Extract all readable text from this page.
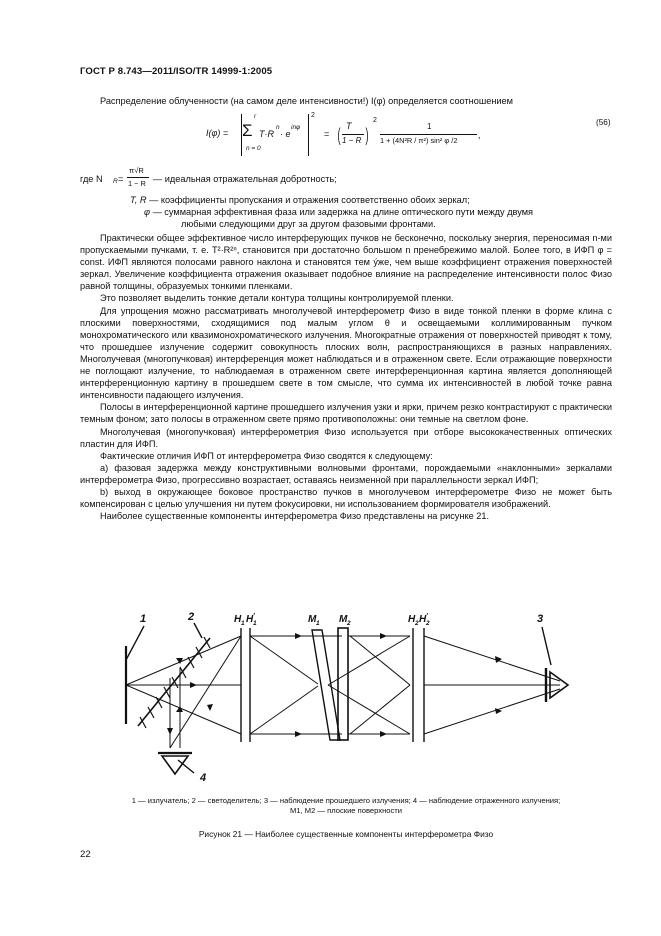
ГОСТ Р 8.743—2011/ISO/TR 14999-1:2005

Распределение облученности (на самом деле интенсивности!) I(φ) определяется соотношением

I(φ) =
r
Σ
n = 0
T·R
n
· e
inφ
2
= ( T
1 − R )
2
1
1 + (4N²R / π²) sin² φ /2
,
(56)
где N R =
π√R
1 − R — идеальная отражательная добротность;

T, R — коэффициенты пропускания и отражения соответственно обоих зеркал;

φ — суммарная эффективная фаза или задержка на длине оптического пути между двумя

любыми следующими друг за другом фазовыми фронтами.

Практически общее эффективное число интерферующих пучков не бесконечно, поскольку энергия, переносимая n-ми пропускаемыми пучками, т. е. T²·R²ⁿ, становится при достаточно большом n пренебрежимо малой. Более того, в ИФП φ = const. ИФП являются полосами равного наклона и становятся тем у́же, чем выше коэффициент отражения поверхностей зеркал. Увеличение коэффициента отражения оказывает подобное влияние на распределение интенсивности полос Физо равной толщины, образуемых тонкими пленками.

Это позволяет выделить тонкие детали контура толщины контролируемой пленки.

Для упрощения можно рассматривать многолучевой интерферометр Физо в виде тонкой пленки в форме клина с плоскими поверхностями, сходящимися под малым углом θ и освещаемыми коллимированным пучком монохроматического или квазимонохроматического излучения. Многократные отражения от поверхностей приводят к тому, что прошедшее излучение содержит совокупность плоских волн, распространяющихся в разных направлениях. Многолучевая (многопучковая) интерференция может наблюдаться и в отраженном свете. Если отражающие поверхности не поглощают излучение, то наблюдаемая в отраженном свете интерференционная картина является дополняющей интерференционную картину в прошедшем свете в том смысле, что сумма их интенсивностей в любой точке равна интенсивности падающего излучения.

Полосы в интерференционной картине прошедшего излучения узки и ярки, причем резко контрастируют с практически темным фоном; зато полосы в отраженном свете прямо противоположны: они темные на светлом фоне.

Многолучевая (многопучковая) интерферометрия Физо используется при отборе высококачественных оптических пластин для ИФП.

Фактические отличия ИФП от интерферометра Физо сводятся к следующему:

a) фазовая задержка между конструктивными волновыми фронтами, порождаемыми «наклонными» зеркалами интерферометра Физо, прогрессивно возрастает, оставаясь неизменной при параллельности зеркал ИФП;

b) выход в окружающее боковое пространство пучков в многолучевом интерферометре Физо не может быть компенсирован с целью улучшения ни путем фокусировки, ни использованием формирователя изображений.

Наиболее существенные компоненты интерферометра Физо представлены на рисунке 21.

1	2	3
4
H 1 H 1
′	M 1 M 2	H 2 H 2
′
1 — излучатель; 2 — светоделитель; 3 — наблюдение прошедшего излучения; 4 — наблюдение отраженного излучения;
M1, M2 — плоские поверхности
Рисунок 21 — Наиболее существенные компоненты интерферометра Физо
22
